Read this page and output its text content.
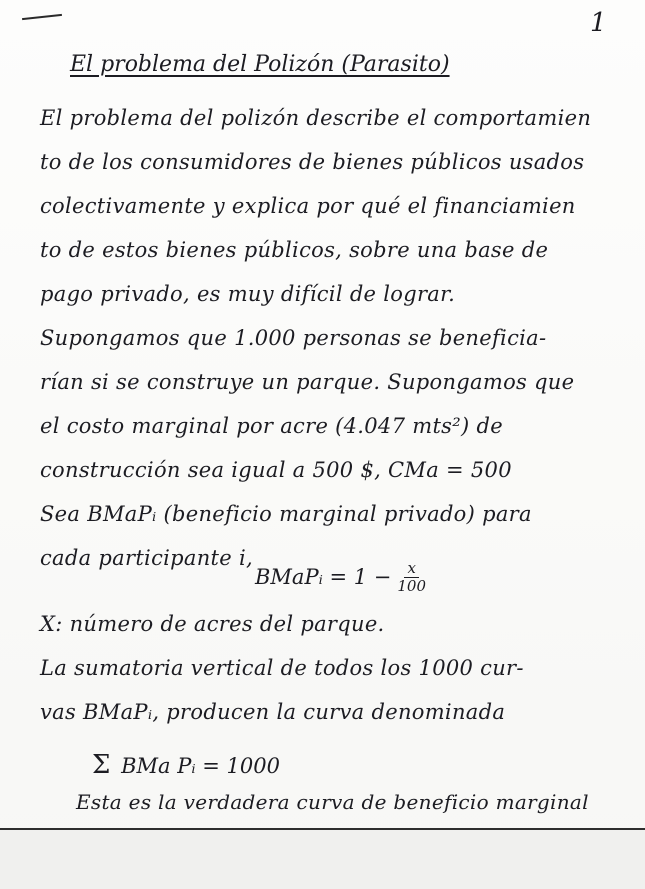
1
El problema del Polizón (Parasito)
El problema del polizón describe el comportamien
to de los consumidores de bienes públicos usados
colectivamente y explica por qué el financiamien
to de estos bienes públicos, sobre una base de
pago privado, es muy difícil de lograr.
Supongamos que 1.000 personas se beneficia-
rían si se construye un parque. Supongamos que
el costo marginal por acre (4.047 mts²) de
construcción sea igual a 500 $, CMa = 500
Sea BMaPᵢ (beneficio marginal privado) para
cada participante i,
BMaPᵢ = $1 - \frac{x}{100}$
X: número de acres del parque.
La sumatoria vertical de todos los 1000 cur-
vas BMaPᵢ, producen la curva denominada
Σ BMa Pᵢ = 1000
Esta es la verdadera curva de beneficio marginal
